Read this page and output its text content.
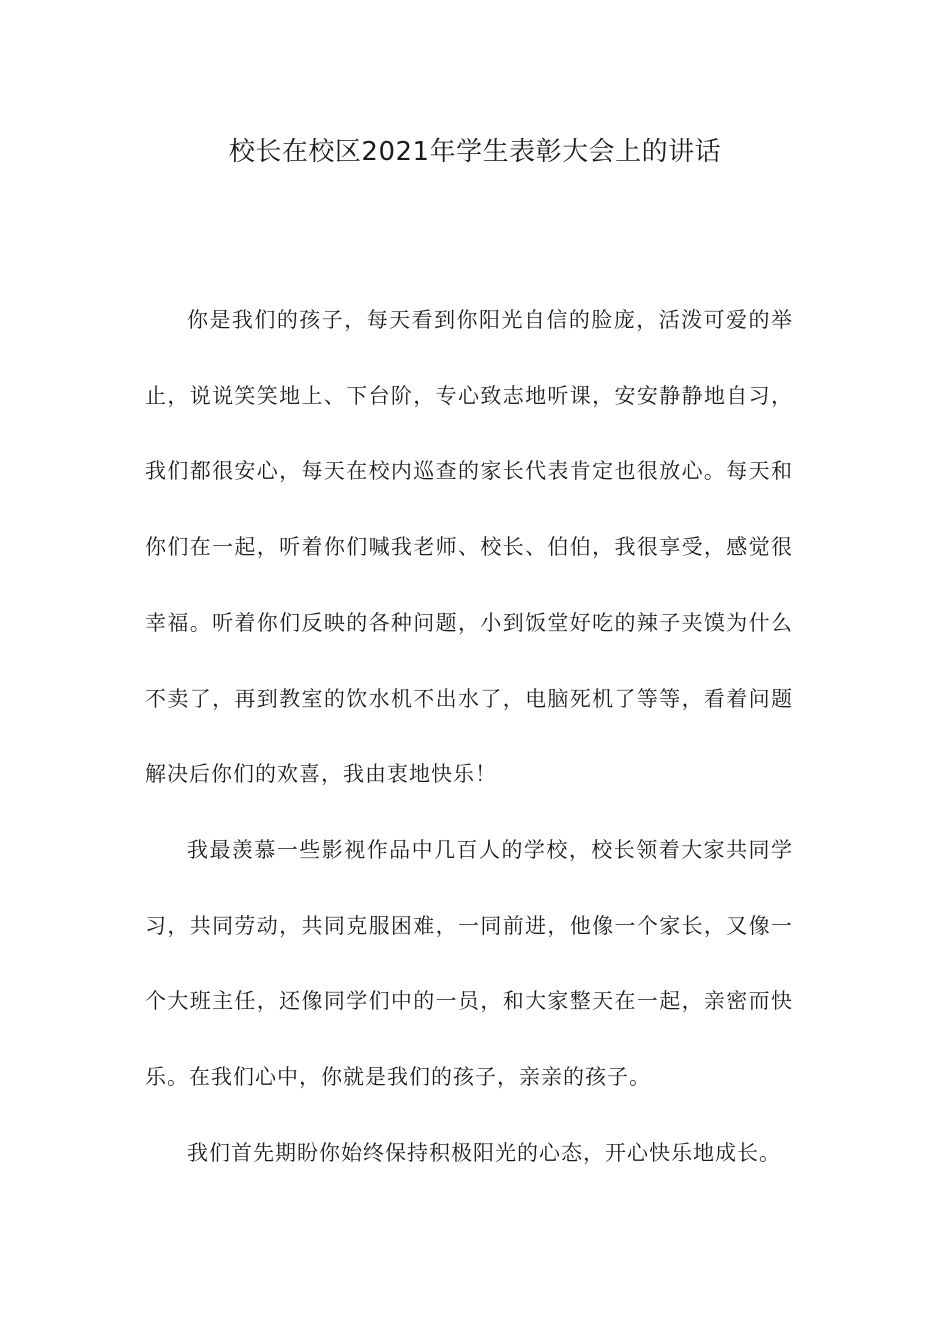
校长在校区2021年学生表彰大会上的讲话

你是我们的孩子，每天看到你阳光自信的脸庞，活泼可爱的举止，说说笑笑地上、下台阶，专心致志地听课，安安静静地自习，我们都很安心，每天在校内巡查的家长代表肯定也很放心。每天和你们在一起，听着你们喊我老师、校长、伯伯，我很享受，感觉很幸福。听着你们反映的各种问题，小到饭堂好吃的辣子夹馍为什么不卖了，再到教室的饮水机不出水了，电脑死机了等等，看着问题解决后你们的欢喜，我由衷地快乐！

我最羡慕一些影视作品中几百人的学校，校长领着大家共同学习，共同劳动，共同克服困难，一同前进，他像一个家长，又像一个大班主任，还像同学们中的一员，和大家整天在一起，亲密而快乐。在我们心中，你就是我们的孩子，亲亲的孩子。

我们首先期盼你始终保持积极阳光的心态，开心快乐地成长。
